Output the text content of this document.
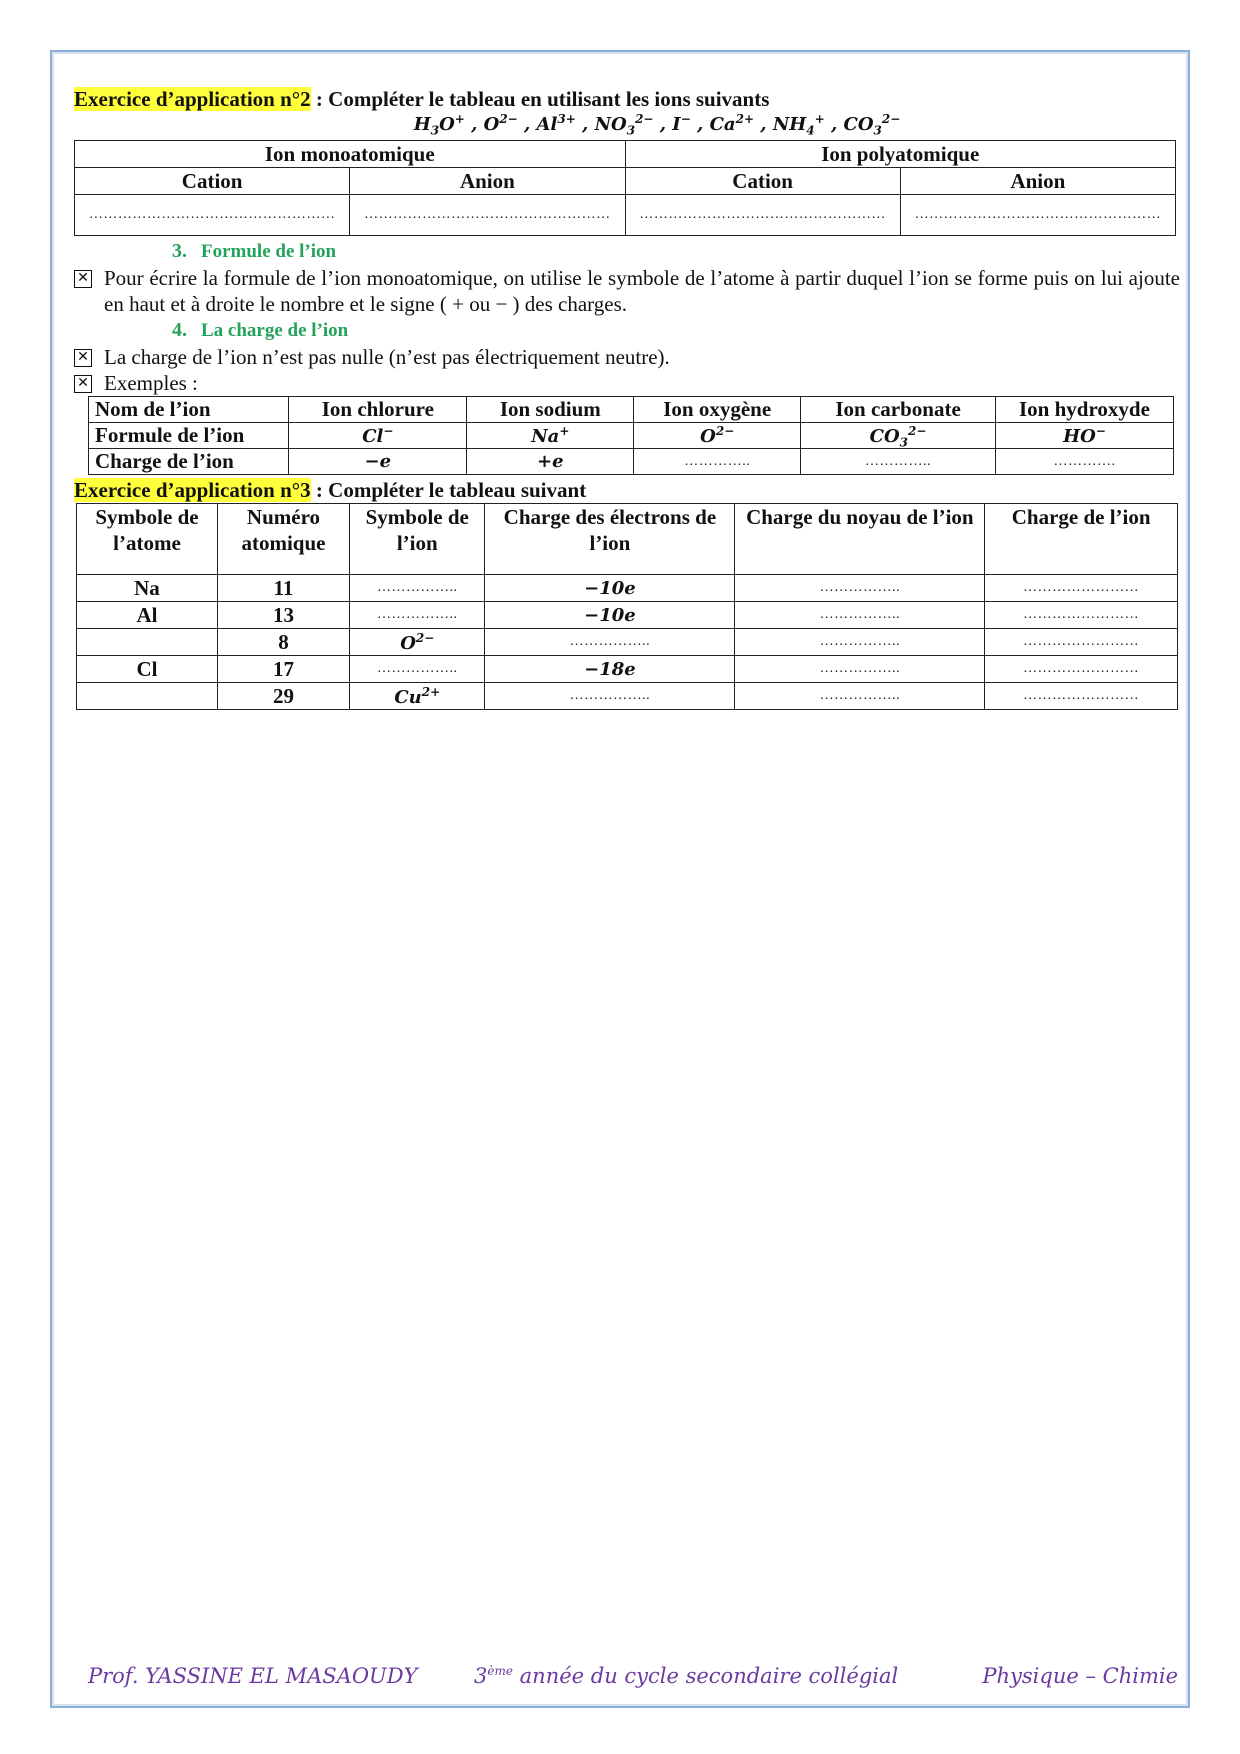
Exercice d’application n°2 : Compléter le tableau en utilisant les ions suivants
$H_3O^+$ , $O^{2-}$ , $Al^{3+}$ , $NO_3^{2-}$ , I− , $Ca^{2+}$ , $NH_4^+$ , $CO_3^{2-}$
Ion monoatomique		Ion polyatomique	
Cation	Anion	Cation	Anion
……………………………………………	……………………………………………	……………………………………………	……………………………………………
3. Formule de l’ion
✕ Pour écrire la formule de l’ion monoatomique, on utilise le symbole de l’atome à partir duquel l’ion se forme puis on lui ajoute en haut et à droite le nombre et le signe ( + ou − ) des charges.
4. La charge de l’ion
✕ La charge de l’ion n’est pas nulle (n’est pas électriquement neutre).
✕ Exemples :
Nom de l’ion	Ion chlorure	Ion sodium	Ion oxygène	Ion carbonate	Ion hydroxyde
Formule de l’ion	Cl−	Na+	$O^{2-}$	$CO_3^{2-}$	HO−
Charge de l’ion	−e	+e	…………..	…………..	………….
Exercice d’application n°3 : Compléter le tableau suivant
Symbole de l’atome	Numéro atomique	Symbole de l’ion	Charge des électrons de l’ion	Charge du noyau de l’ion	Charge de l’ion
Na	11	……………..	−10e	……………..	……………………
Al	13	……………..	−10e	……………..	……………………
	8	$O^{2-}$	……………..	……………..	……………………
Cl	17	……………..	−18e	……………..	……………………
	29	$Cu^{2+}$	……………..	……………..	……………………
Prof. YASSINE EL MASAOUDY	3ème année du cycle secondaire collégial	Physique – Chimie
